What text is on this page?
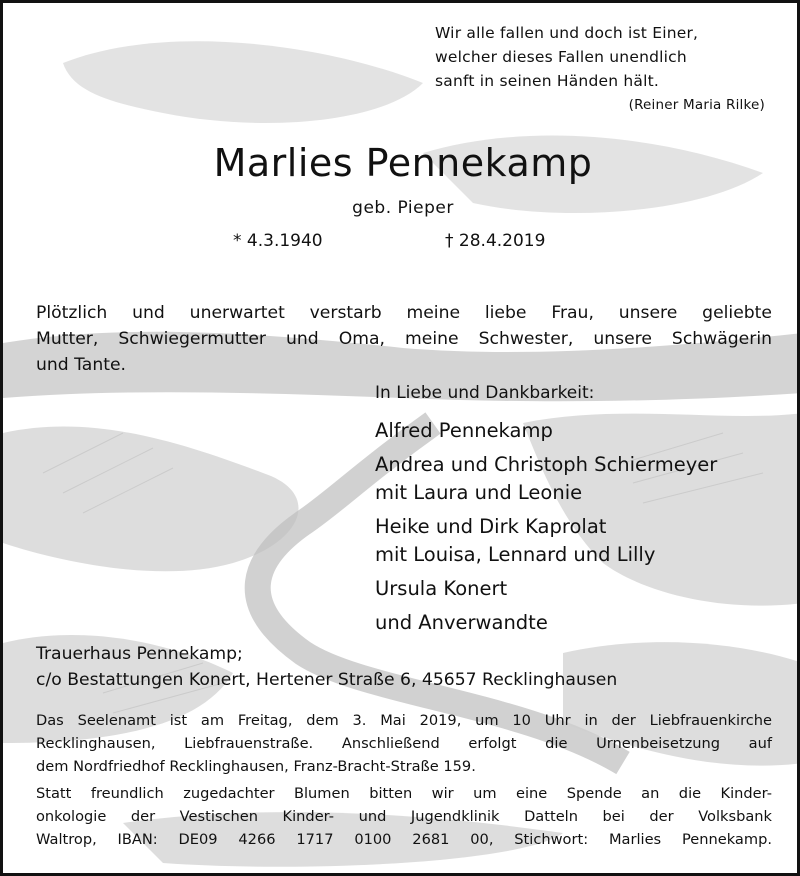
Wir alle fallen und doch ist Einer,
welcher dieses Fallen unendlich
sanft in seinen Händen hält.
(Reiner Maria Rilke)
Marlies Pennekamp
geb. Pieper
* 4.3.1940	† 28.4.2019
Plötzlich und unerwartet verstarb meine liebe Frau, unsere geliebte
Mutter, Schwiegermutter und Oma, meine Schwester, unsere Schwägerin
und Tante.
In Liebe und Dankbarkeit:
Alfred Pennekamp
Andrea und Christoph Schiermeyer
mit Laura und Leonie
Heike und Dirk Kaprolat
mit Louisa, Lennard und Lilly
Ursula Konert
und Anverwandte
Trauerhaus Pennekamp;
c/o Bestattungen Konert, Hertener Straße 6, 45657 Recklinghausen
Das Seelenamt ist am Freitag, dem 3. Mai 2019, um 10 Uhr in der Liebfrauenkirche
Recklinghausen, Liebfrauenstraße. Anschließend erfolgt die Urnenbeisetzung auf
dem Nordfriedhof Recklinghausen, Franz-Bracht-Straße 159.
Statt freundlich zugedachter Blumen bitten wir um eine Spende an die Kinder-
onkologie der Vestischen Kinder- und Jugendklinik Datteln bei der Volksbank
Waltrop, IBAN: DE09 4266 1717 0100 2681 00, Stichwort: Marlies Pennekamp.
